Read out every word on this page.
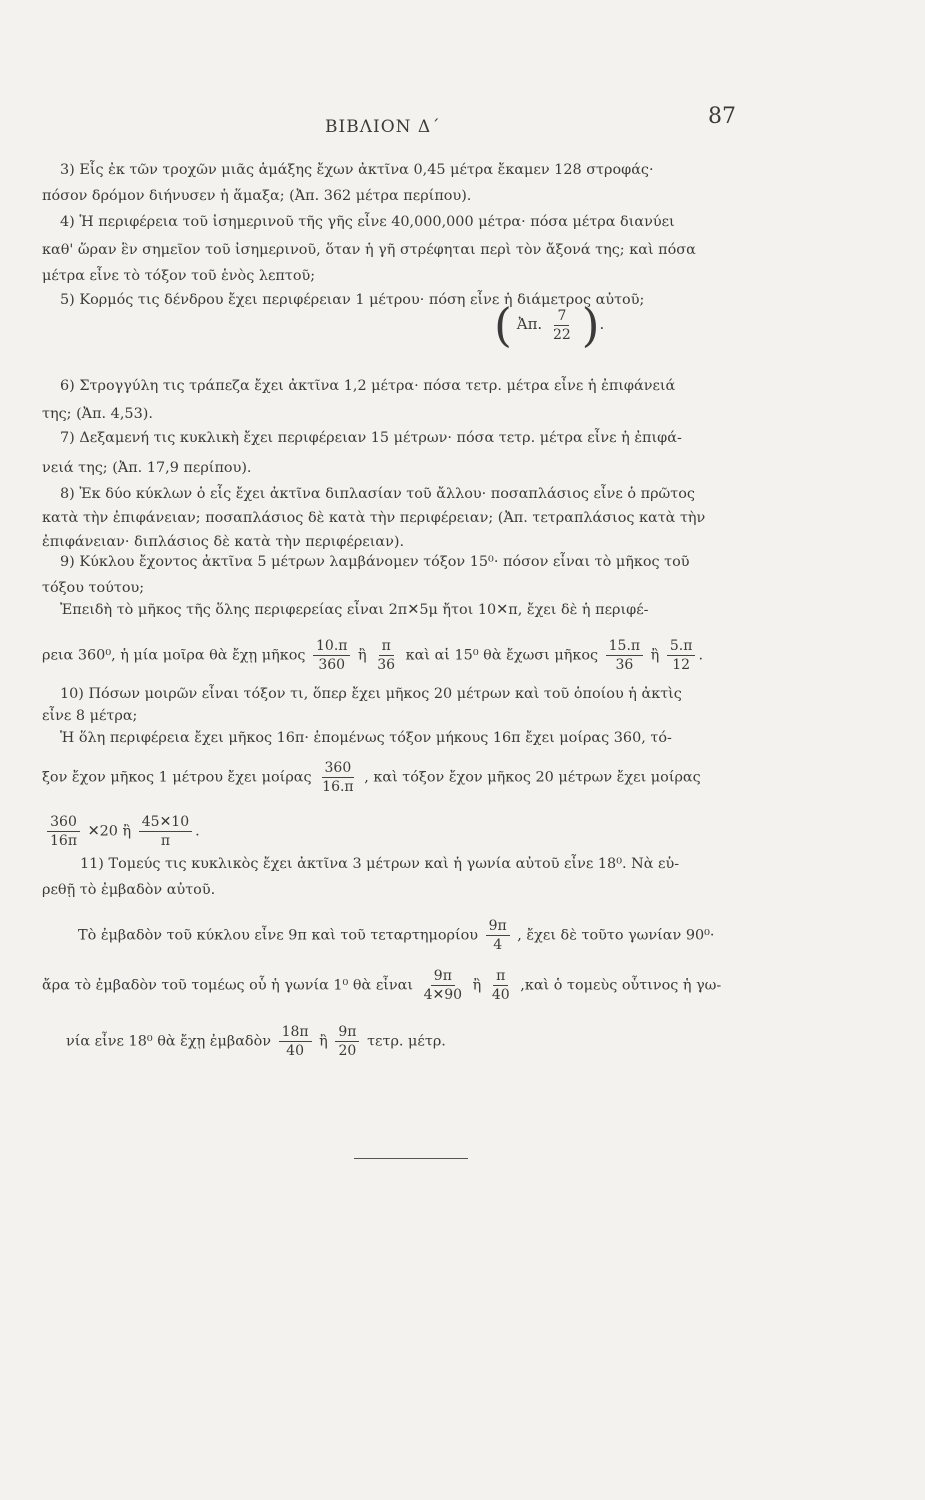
ΒΙΒΛΙΟΝ Δ΄	87
3) Εἷς ἐκ τῶν τροχῶν μιᾶς ἁμάξης ἔχων ἀκτῖνα 0,45 μέτρα ἔκαμεν 128 στροφάς·
πόσον δρόμον διήνυσεν ἡ ἅμαξα; (Ἀπ. 362 μέτρα περίπου).
4) Ἡ περιφέρεια τοῦ ἰσημερινοῦ τῆς γῆς εἶνε 40,000,000 μέτρα· πόσα μέτρα διανύει
καθ' ὥραν ἓν σημεῖον τοῦ ἰσημερινοῦ, ὅταν ἡ γῆ στρέφηται περὶ τὸν ἄξονά της; καὶ πόσα
μέτρα εἶνε τὸ τόξον τοῦ ἑνὸς λεπτοῦ;
5) Κορμός τις δένδρου ἔχει περιφέρειαν 1 μέτρου· πόση εἶνε ἡ διάμετρος αὐτοῦ;
( Ἀπ. $\frac{7}{22}$ ).
6) Στρογγύλη τις τράπεζα ἔχει ἀκτῖνα 1,2 μέτρα· πόσα τετρ. μέτρα εἶνε ἡ ἐπιφάνειά
της; (Ἀπ. 4,53).
7) Δεξαμενή τις κυκλικὴ ἔχει περιφέρειαν 15 μέτρων· πόσα τετρ. μέτρα εἶνε ἡ ἐπιφά-
νειά της; (Ἀπ. 17,9 περίπου).
8) Ἐκ δύο κύκλων ὁ εἷς ἔχει ἀκτῖνα διπλασίαν τοῦ ἄλλου· ποσαπλάσιος εἶνε ὁ πρῶτος
κατὰ τὴν ἐπιφάνειαν; ποσαπλάσιος δὲ κατὰ τὴν περιφέρειαν; (Ἀπ. τετραπλάσιος κατὰ τὴν
ἐπιφάνειαν· διπλάσιος δὲ κατὰ τὴν περιφέρειαν).
9) Κύκλου ἔχοντος ἀκτῖνα 5 μέτρων λαμβάνομεν τόξον 15⁰· πόσον εἶναι τὸ μῆκος τοῦ
τόξου τούτου;
Ἐπειδὴ τὸ μῆκος τῆς ὅλης περιφερείας εἶναι 2π✕5μ ἤτοι 10✕π, ἔχει δὲ ἡ περιφέ-
ρεια 360⁰, ἡ μία μοῖρα θὰ ἔχῃ μῆκος $\frac{10.\pi}{360}$ ἢ $\frac{\pi}{36}$ καὶ αἱ 15⁰ θὰ ἔχωσι μῆκος $\frac{15.\pi}{36}$ ἢ $\frac{5.\pi}{12}$ .
10) Πόσων μοιρῶν εἶναι τόξον τι, ὅπερ ἔχει μῆκος 20 μέτρων καὶ τοῦ ὁποίου ἡ ἀκτὶς
εἶνε 8 μέτρα;
Ἡ ὅλη περιφέρεια ἔχει μῆκος 16π· ἑπομένως τόξον μήκους 16π ἔχει μοίρας 360, τό-
ξον ἔχον μῆκος 1 μέτρου ἔχει μοίρας $\frac{360}{16.\pi}$ , καὶ τόξον ἔχον μῆκος 20 μέτρων ἔχει μοίρας
$\frac{360}{16\pi}$ ✕20 ἢ $\frac{45✕10}{\pi}$ .
11) Τομεύς τις κυκλικὸς ἔχει ἀκτῖνα 3 μέτρων καὶ ἡ γωνία αὐτοῦ εἶνε 18⁰. Νὰ εὑ-
ρεθῇ τὸ ἐμβαδὸν αὐτοῦ.
Τὸ ἐμβαδὸν τοῦ κύκλου εἶνε 9π καὶ τοῦ τεταρτημορίου $\frac{9\pi}{4}$ , ἔχει δὲ τοῦτο γωνίαν 90⁰·
ἄρα τὸ ἐμβαδὸν τοῦ τομέως οὗ ἡ γωνία 1⁰ θὰ εἶναι $\frac{9\pi}{4✕90}$ ἢ $\frac{\pi}{40}$ ,καὶ ὁ τομεὺς οὗτινος ἡ γω-
νία εἶνε 18⁰ θὰ ἔχῃ ἐμβαδὸν $\frac{18\pi}{40}$ ἢ $\frac{9\pi}{20} \tau\varepsilon\tau\rho$. μέτρ.
